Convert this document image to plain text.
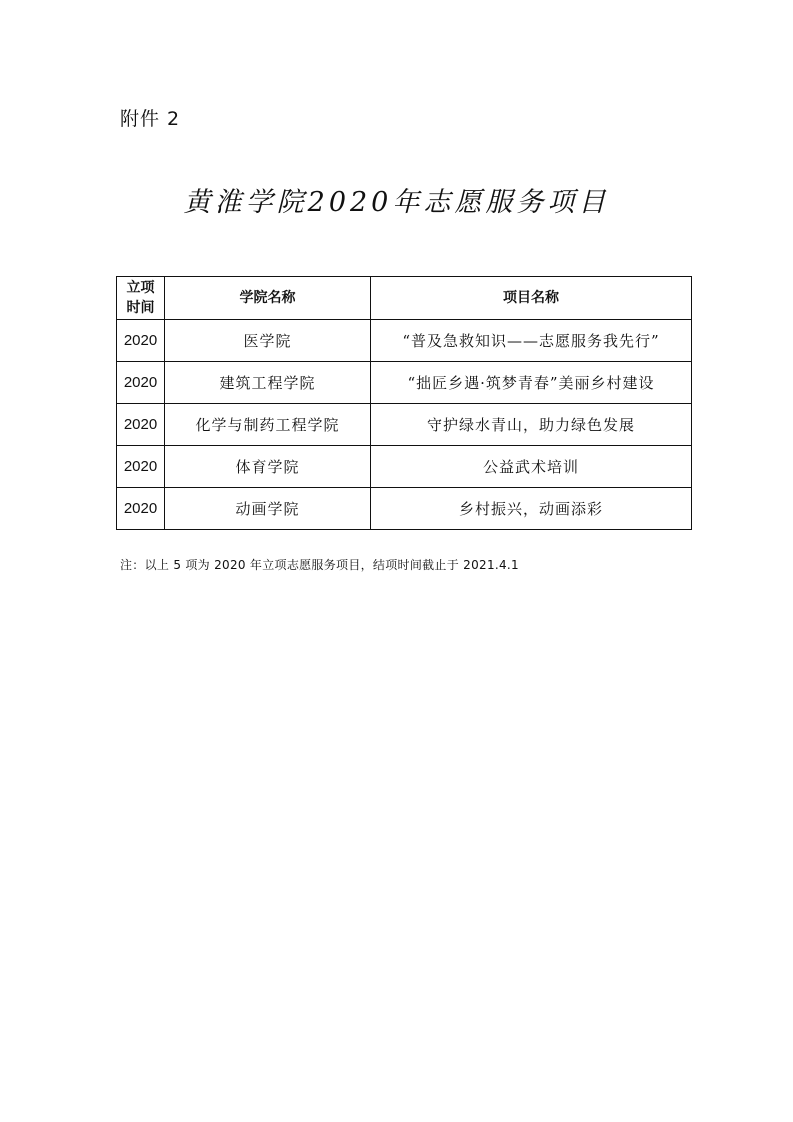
附件 2
黄淮学院2020年志愿服务项目
立项
时间	学院名称	项目名称
2020	医学院	“普及急救知识——志愿服务我先行”
2020	建筑工程学院	“拙匠乡遇·筑梦青春”美丽乡村建设
2020	化学与制药工程学院	守护绿水青山，助力绿色发展
2020	体育学院	公益武术培训
2020	动画学院	乡村振兴，动画添彩
注：以上 5 项为 2020 年立项志愿服务项目，结项时间截止于 2021.4.1
